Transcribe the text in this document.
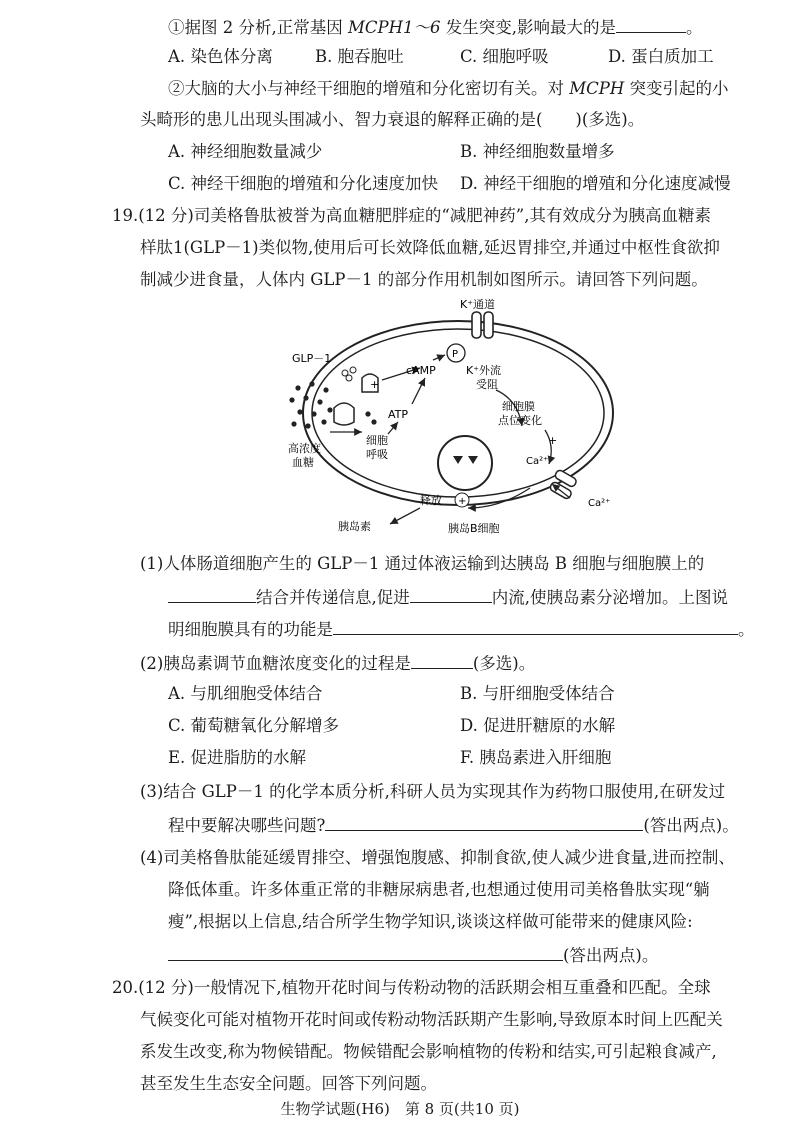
①据图 2 分析,正常基因 MCPH1～6 发生突变,影响最大的是	。
A. 染色体分离	B. 胞吞胞吐	C. 细胞呼吸	D. 蛋白质加工
②大脑的大小与神经干细胞的增殖和分化密切有关。对 MCPH 突变引起的小
头畸形的患儿出现头围减小、智力衰退的解释正确的是(　　)(多选)。
A. 神经细胞数量减少	B. 神经细胞数量增多
C. 神经干细胞的增殖和分化速度加快 D. 神经干细胞的增殖和分化速度减慢
19.(12 分)司美格鲁肽被誉为高血糖肥胖症的“减肥神药”,其有效成分为胰高血糖素
样肽1(GLP－1)类似物,使用后可长效降低血糖,延迟胃排空,并通过中枢性食欲抑
制减少进食量，人体内 GLP－1 的部分作用机制如图所示。请回答下列问题。
K⁺通道
P
GLP－1
+
cAMP
ATP
K⁺外流
受阻
细胞膜
点位变化
+
高浓度
血糖
细胞
呼吸
Ca²⁺
Ca²⁺
+
释放
胰岛素	胰岛B细胞
(1)人体肠道细胞产生的 GLP－1 通过体液运输到达胰岛 B 细胞与细胞膜上的
结合并传递信息,促进	内流,使胰岛素分泌增加。上图说
明细胞膜具有的功能是	。
(2)胰岛素调节血糖浓度变化的过程是	(多选)。
A. 与肌细胞受体结合	B. 与肝细胞受体结合
C. 葡萄糖氧化分解增多	D. 促进肝糖原的水解
E. 促进脂肪的水解	F. 胰岛素进入肝细胞
(3)结合 GLP－1 的化学本质分析,科研人员为实现其作为药物口服使用,在研发过
程中要解决哪些问题?	(答出两点)。
(4)司美格鲁肽能延缓胃排空、增强饱腹感、抑制食欲,使人减少进食量,进而控制、
降低体重。许多体重正常的非糖尿病患者,也想通过使用司美格鲁肽实现“躺
瘦”,根据以上信息,结合所学生物学知识,谈谈这样做可能带来的健康风险:
(答出两点)。
20.(12 分)一般情况下,植物开花时间与传粉动物的活跃期会相互重叠和匹配。全球
气候变化可能对植物开花时间或传粉动物活跃期产生影响,导致原本时间上匹配关
系发生改变,称为物候错配。物候错配会影响植物的传粉和结实,可引起粮食减产,
甚至发生生态安全问题。回答下列问题。
生物学试题(H6)　第 8 页(共10 页)
